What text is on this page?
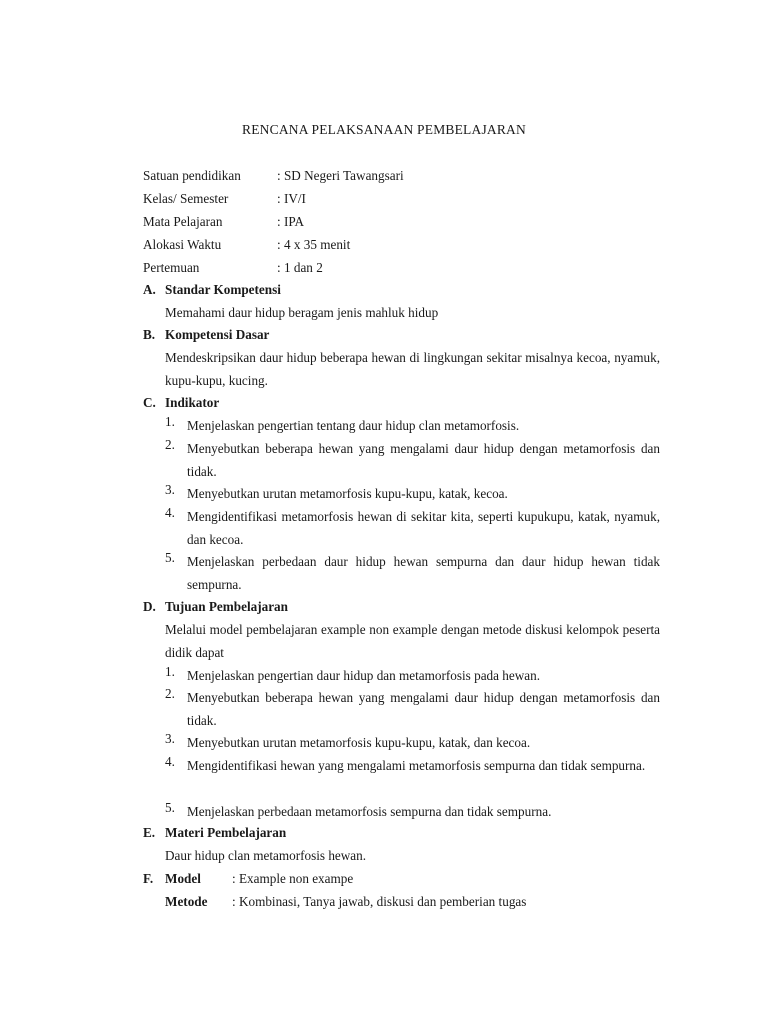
RENCANA PELAKSANAAN PEMBELAJARAN
Satuan pendidikan	: SD Negeri Tawangsari
Kelas/ Semester	: IV/I
Mata Pelajaran	: IPA
Alokasi Waktu	: 4 x 35 menit
Pertemuan	: 1 dan 2
A. Standar Kompetensi
Memahami daur hidup beragam jenis mahluk hidup
B. Kompetensi Dasar
Mendeskripsikan daur hidup beberapa hewan di lingkungan sekitar misalnya kecoa, nyamuk, kupu-kupu, kucing.
C. Indikator
1. Menjelaskan pengertian tentang daur hidup clan metamorfosis.
2. Menyebutkan beberapa hewan yang mengalami daur hidup dengan metamorfosis dan tidak.
3. Menyebutkan urutan metamorfosis kupu-kupu, katak, kecoa.
4. Mengidentifikasi metamorfosis hewan di sekitar kita, seperti kupukupu, katak, nyamuk, dan kecoa.
5. Menjelaskan perbedaan daur hidup hewan sempurna dan daur hidup hewan tidak sempurna.
D. Tujuan Pembelajaran
Melalui model pembelajaran example non example dengan metode diskusi kelompok peserta didik dapat
1. Menjelaskan pengertian daur hidup dan metamorfosis pada hewan.
2. Menyebutkan beberapa hewan yang mengalami daur hidup dengan metamorfosis dan tidak.
3. Menyebutkan urutan metamorfosis kupu-kupu, katak, dan kecoa.
4. Mengidentifikasi hewan yang mengalami metamorfosis sempurna dan tidak sempurna.
5. Menjelaskan perbedaan metamorfosis sempurna dan tidak sempurna.
E. Materi Pembelajaran
Daur hidup clan metamorfosis hewan.
F. Model : Example non exampe
Metode : Kombinasi, Tanya jawab, diskusi dan pemberian tugas
